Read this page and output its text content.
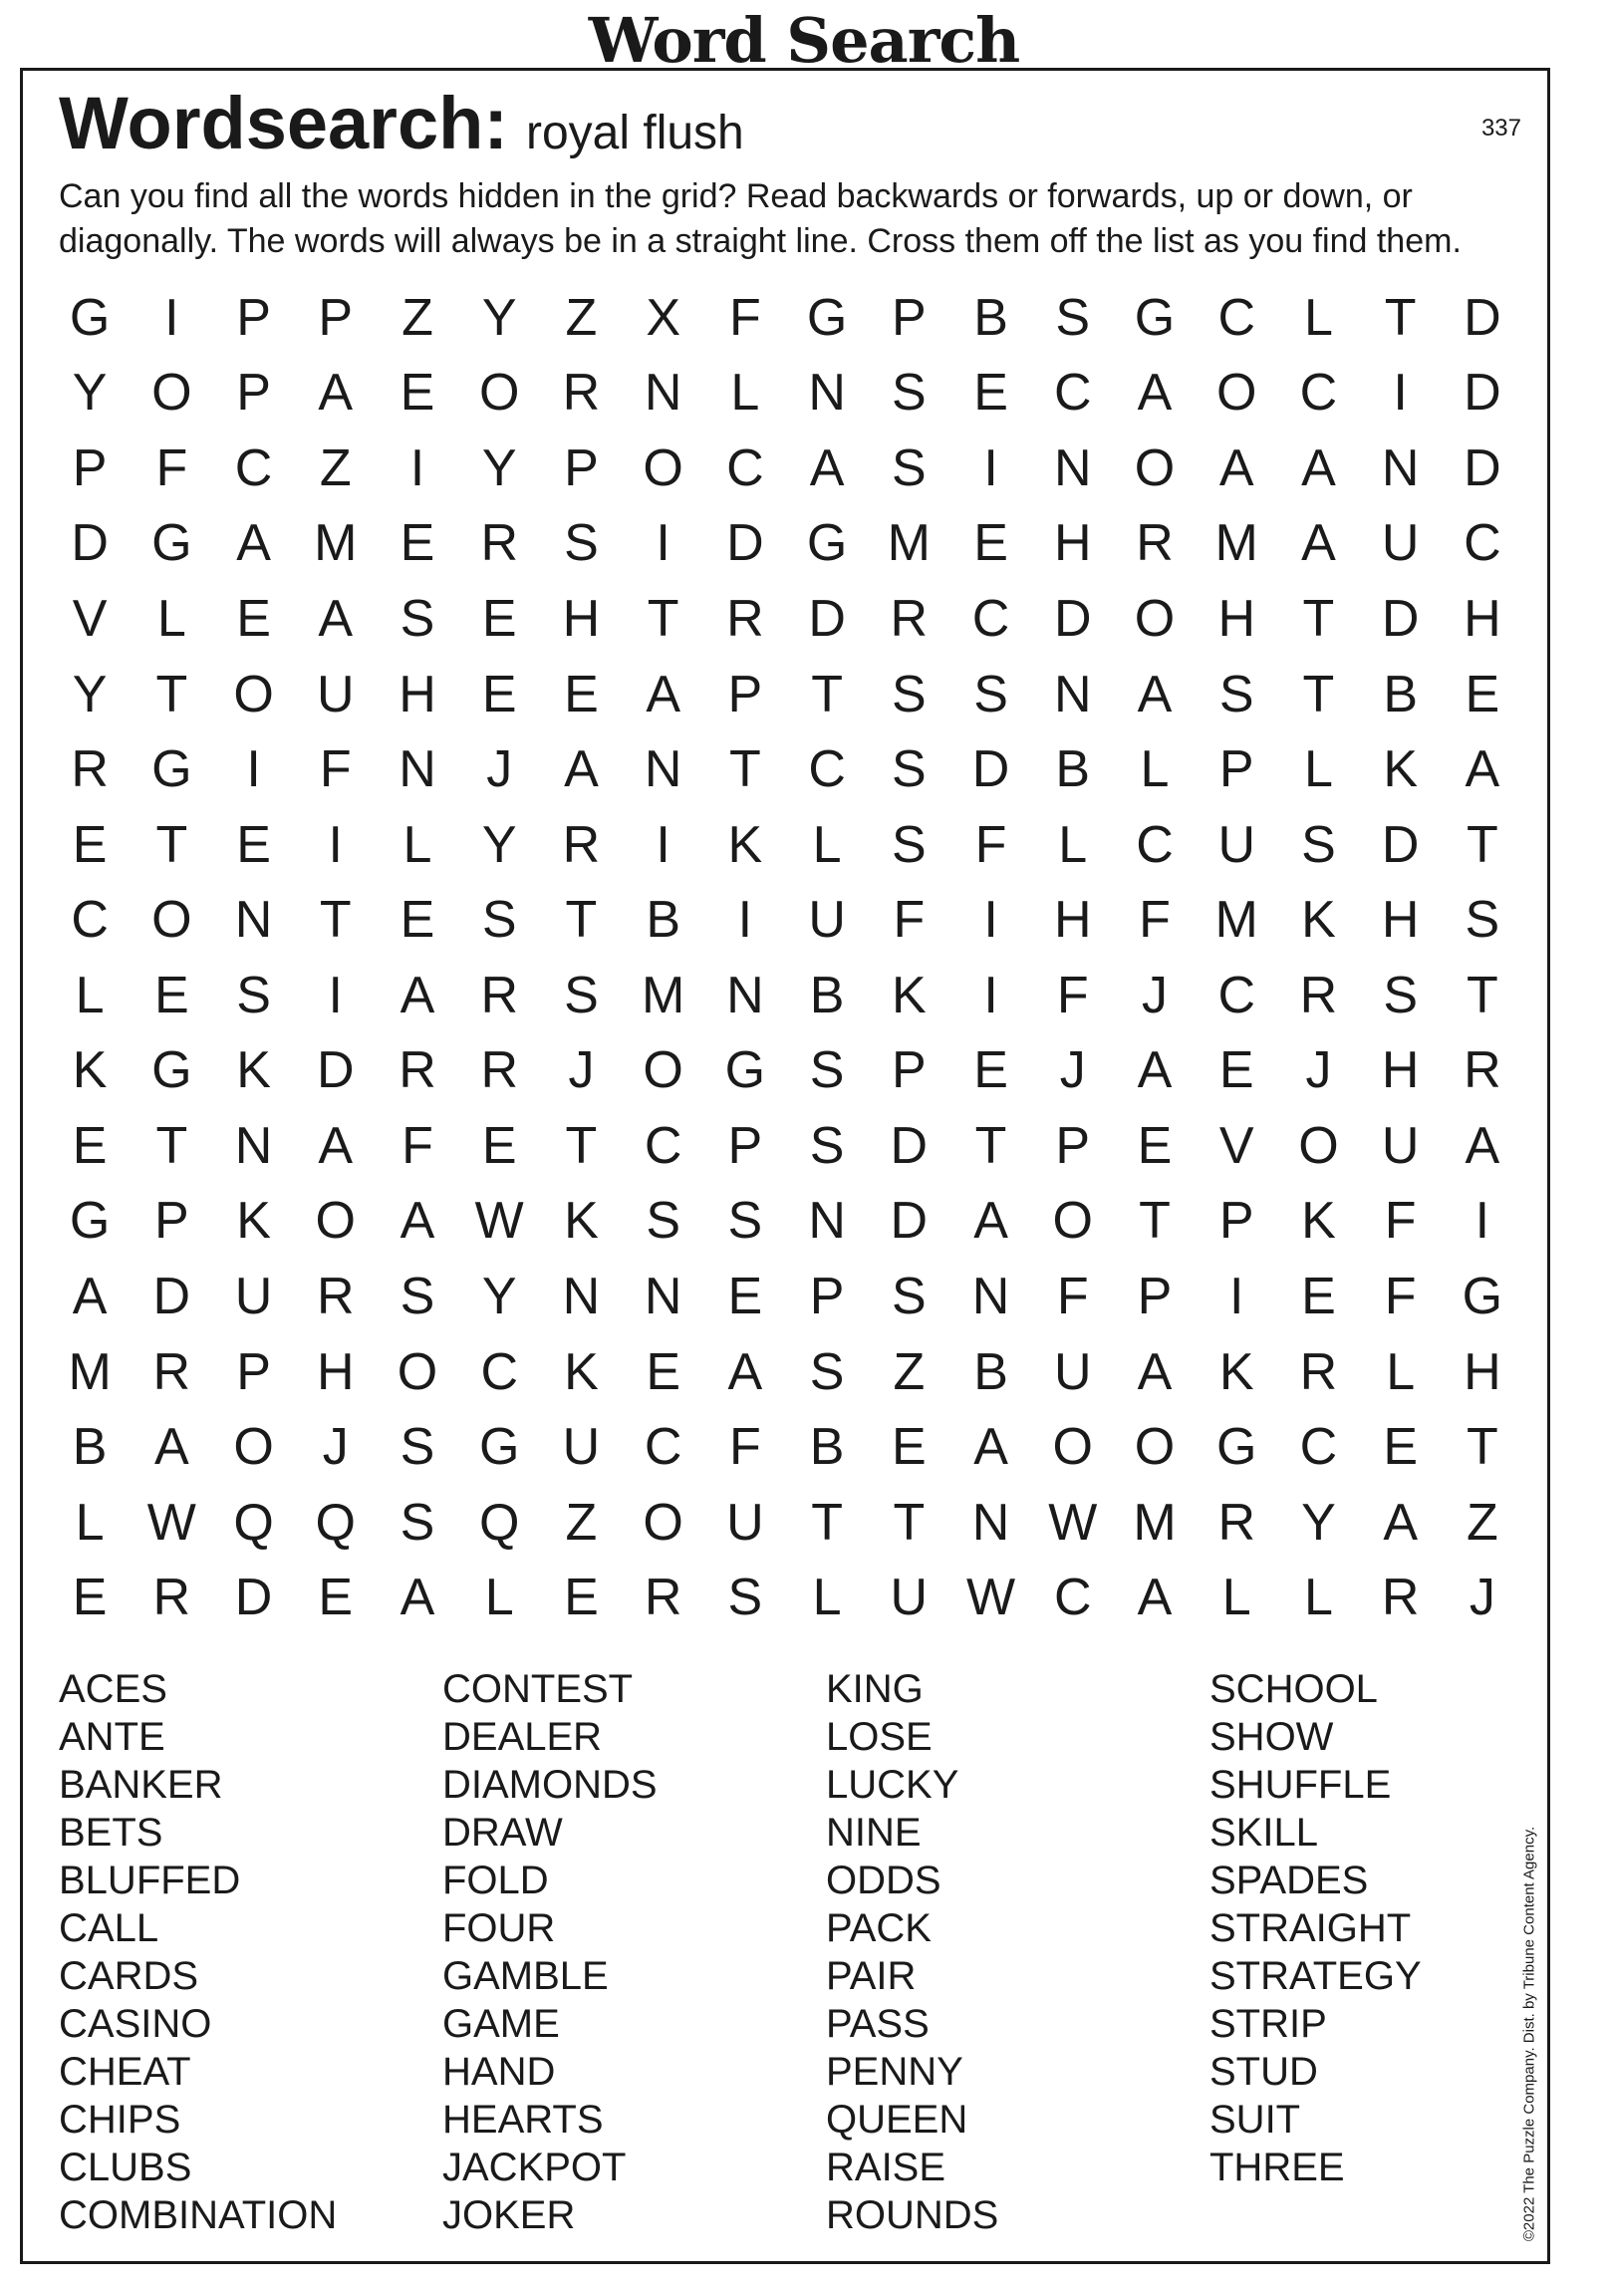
Word Search
Wordsearch: royal flush	337
Can you find all the words hidden in the grid? Read backwards or forwards, up or down, or diagonally. The words will always be in a straight line. Cross them off the list as you find them.
G	I	P P Z Y Z X F G P B S G C L T D
Y O P A E O R N L N S E C A O C	I	D
P F C Z	I	Y P O C A S	I	N O A A N D
D G A M E R S	I	D G M E H R M A U C
V L E A S E H T R D R C D O H T D H
Y T O U H E E A P T S S N A S T B E
R G	I	F N J A N T C S D B L P L K A
E T E	I	L Y R	I	K L S F L C U S D T
C O N T E S T B	I	U F	I	H F M K H S
L E S	I	A R S M N B K	I	F	J C R S T
K G K D R R J O G S P E J A E J H R
E T N A F E T C P S D T P E V O U A
G P K O A W K S S N D A O T P K F	I
A D U R S Y N N E P S N F P	I	E F G
M R P H O C K E A S Z B U A K R L H
B A O J S G U C F B E A O O G C E T
L W Q Q S Q Z O U T T N W M R Y A Z
E R D E A L E R S L U W C A L	L R J
ACES
ANTE
BANKER
BETS
BLUFFED
CALL
CARDS
CASINO
CHEAT
CHIPS
CLUBS
COMBINATION
CONTEST
DEALER
DIAMONDS
DRAW
FOLD
FOUR
GAMBLE
GAME
HAND
HEARTS
JACKPOT
JOKER
KING
LOSE
LUCKY
NINE
ODDS
PACK
PAIR
PASS
PENNY
QUEEN
RAISE
ROUNDS
SCHOOL
SHOW
SHUFFLE
SKILL
SPADES
STRAIGHT
STRATEGY
STRIP
STUD
SUIT
THREE	©2022 The Puzzle Company. Dist. by Tribune Content Agency.
